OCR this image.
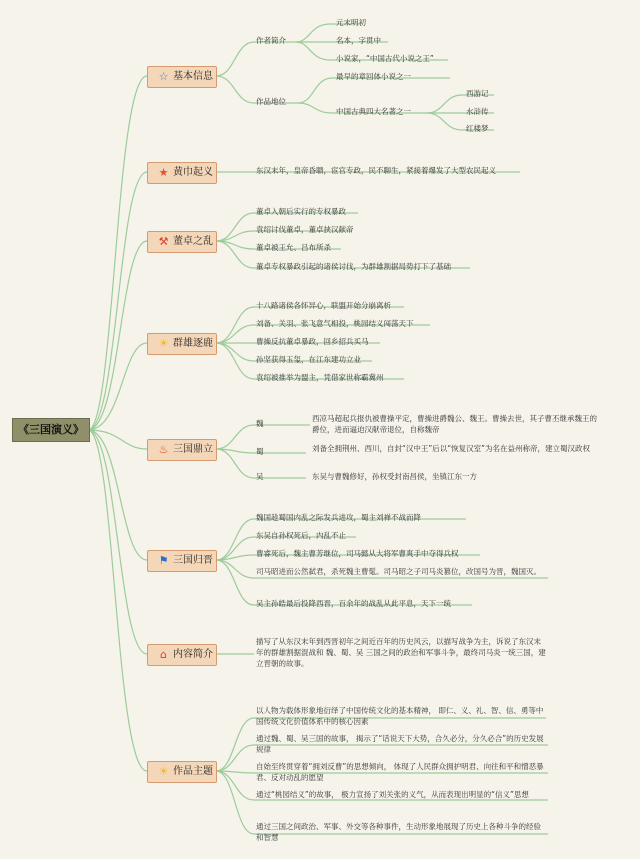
《三国演义》
☆ 基本信息
★ 黄巾起义
⚒ 董卓之乱
☀ 群雄逐鹿
♨ 三国鼎立
⚑ 三国归晋
⌂ 内容简介
☀ 作品主题
作者简介
元末明初
名本，字贯中
小说家，“中国古代小说之王”
作品地位
最早的章回体小说之一
中国古典四大名著之一
西游记
水浒传
红楼梦
东汉末年，皇帝昏聩，宦官专政，民不聊生，紧接着爆发了大型农民起义
董卓入朝后实行的专权暴政
袁绍讨伐董卓，董卓挟汉献帝
董卓被王允、吕布所杀
董卓专权暴政引起的诸侯讨伐，为群雄割据局势打下了基础
十八路诸侯各怀异心，联盟开始分崩离析
刘备、关羽、张飞意气相投，桃园结义闯荡天下
曹操反抗董卓暴政，回乡招兵买马
孙坚获得玉玺，在江东建功立业
袁绍被推举为盟主，凭借家世称霸冀州
魏
西凉马超起兵报仇被曹操平定，曹操进爵魏公、魏王。曹操去世，其子曹丕继承魏王的爵位，进而逼迫汉献帝退位，自称魏帝
蜀	刘备全拥荆州、西川，自封“汉中王”后以“恢复汉室”为名在益州称帝，建立蜀汉政权
吴	东吴与曹魏修好，孙权受封南昌侯，坐镇江东一方
魏国趁蜀国内乱之际发兵进攻，蜀主刘禅不战而降
东吴自孙权死后，内乱不止
曹睿死后，魏主曹芳继位，司马懿从大将军曹爽手中夺得兵权
司马昭进而公然弑君，杀死魏主曹髦。司马昭之子司马炎篡位，改国号为晋，魏国灭。
吴主孙皓最后投降西晋，百余年的战乱从此平息，天下一统
描写了从东汉末年到西晋初年之间近百年的历史风云，以描写战争为主，诉说了东汉末年的群雄割据混战和 魏、蜀、吴 三国之间的政治和军事斗争，最终司马炎一统三国，建立晋朝的故事。
以人物为载体形象地衍绎了中国传统文化的基本精神， 即仁、义、礼、智、信、勇等中国传统文化价值体系中的核心因素
通过魏、蜀、吴三国的故事， 揭示了“话说天下大势，合久必分，分久必合”的历史发展规律
自始至终贯穿着“拥刘反曹”的思想倾向， 体现了人民群众拥护明君、向往和平和憎恶暴君、反对动乱的愿望
通过“桃园结义”的故事， 极力宣扬了刘关张的义气，从而表现出明显的“信义”思想
通过三国之间政治、军事、外交等各种事件，生动形象地展现了历史上各种斗争的经验和智慧
